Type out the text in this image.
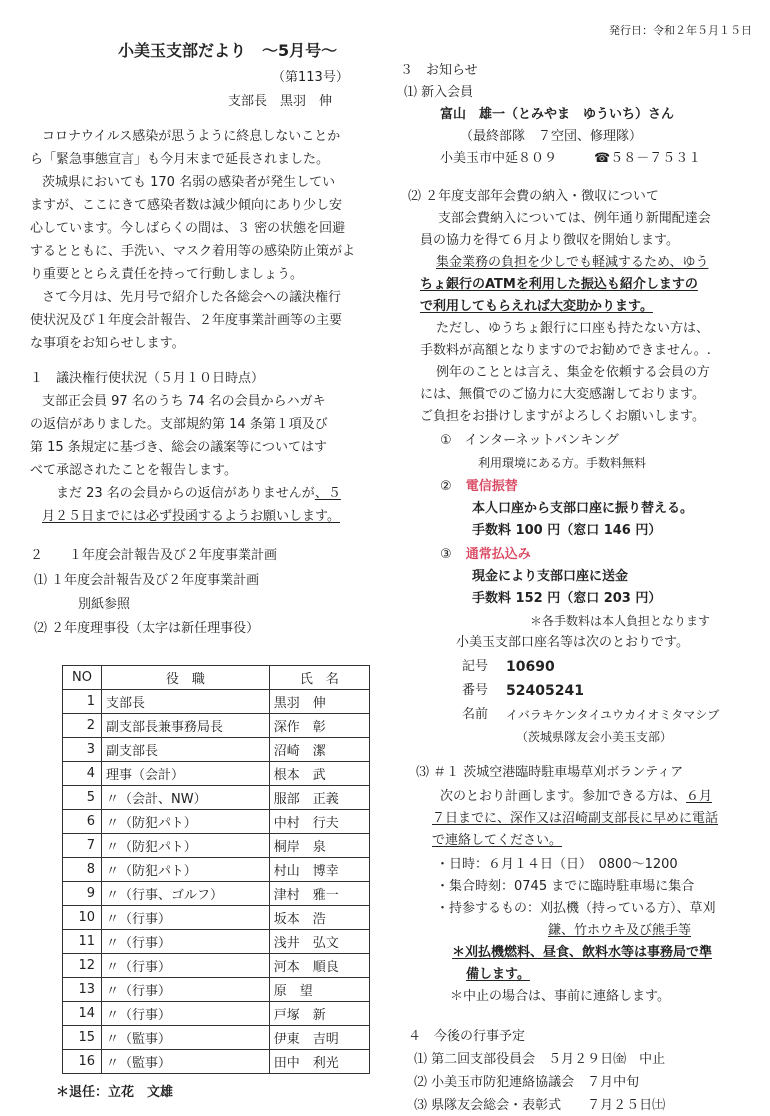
発行日：令和２年５月１５日
小美玉支部だより　～5月号～
（第113号）
支部長　黒羽　伸
コロナウイルス感染が思うように終息しないことか
ら「緊急事態宣言」も今月末まで延長されました。
茨城県においても 170 名弱の感染者が発生してい
ますが、ここにきて感染者数は減少傾向にあり少し安
心しています。今しばらくの間は、３ 密の状態を回避
するとともに、手洗い、マスク着用等の感染防止策がよ
り重要ととらえ責任を持って行動しましょう。
さて今月は、先月号で紹介した各総会への議決権行
使状況及び１年度会計報告、２年度事業計画等の主要
な事項をお知らせします。
１　議決権行使状況（５月１０日時点）
支部正会員 97 名のうち 74 名の会員からハガキ
の返信がありました。支部規約第 14 条第１項及び
第 15 条規定に基づき、総会の議案等についてはす
べて承認されたことを報告します。
まだ 23 名の会員からの返信がありませんが、５
月２５日までには必ず投函するようお願いします。
２　　１年度会計報告及び２年度事業計画
⑴ １年度会計報告及び２年度事業計画
別紙参照
⑵ ２年度理事役（太字は新任理事役）
NO	役　職	氏　名
1	支部長	黒羽　伸
2	副支部長兼事務局長	深作　彰
3	副支部長	沼崎　潔
4	理事（会計）	根本　武
5	〃（会計、NW）	服部　正義
6	〃（防犯パト）	中村　行夫
7	〃（防犯パト）	桐岸　泉
8	〃（防犯パト）	村山　博幸
9	〃（行事、ゴルフ）	津村　雅一
10	〃（行事）	坂本　浩
11	〃（行事）	浅井　弘文
12	〃（行事）	河本　順良
13	〃（行事）	原　望
14	〃（行事）	戸塚　新
15	〃（監事）	伊東　吉明
16	〃（監事）	田中　利光
＊退任：立花　文雄
３　お知らせ
⑴ 新入会員
富山　雄一（とみやま　ゆういち）さん
（最終部隊　７空団、修理隊）
小美玉市中延８０９	☎５８－７５３１
⑵ ２年度支部年会費の納入・徴収について
支部会費納入については、例年通り新聞配達会
員の協力を得て６月より徴収を開始します。
集金業務の負担を少しでも軽減するため、ゆう
ちょ銀行のATMを利用した振込も紹介しますの
で利用してもらえれば大変助かります。
ただし、ゆうちょ銀行に口座も持たない方は、
手数料が高額となりますのでお勧めできません。.
例年のこととは言え、集金を依頼する会員の方
には、無償でのご協力に大変感謝しております。
ご負担をお掛けしますがよろしくお願いします。
①　インターネットバンキング
利用環境にある方。手数料無料
② 電信振替
本人口座から支部口座に振り替える。
手数料 100 円（窓口 146 円）
③ 通常払込み
現金により支部口座に送金
手数料 152 円（窓口 203 円）
＊各手数料は本人負担となります
小美玉支部口座名等は次のとおりです。
記号 10690
番号 52405241
名前 イバラキケンタイユウカイオミタマシブ
（茨城県隊友会小美玉支部）
⑶ ＃１ 茨城空港臨時駐車場草刈ボランティア
次のとおり計画します。参加できる方は、６月
７日までに、深作又は沼崎副支部長に早めに電話
で連絡してください。
・日時：６月１４日（日）　0800～1200
・集合時刻：0745 までに臨時駐車場に集合
・持参するもの：刈払機（持っている方）、草刈
鎌、竹ホウキ及び熊手等
＊刈払機燃料、昼食、飲料水等は事務局で準
備します。
＊中止の場合は、事前に連絡します。
４　今後の行事予定
⑴ 第二回支部役員会　５月２９日㈮　中止
⑵ 小美玉市防犯連絡協議会　７月中旬
⑶ 県隊友会総会・表彰式　　７月２５日㈯
